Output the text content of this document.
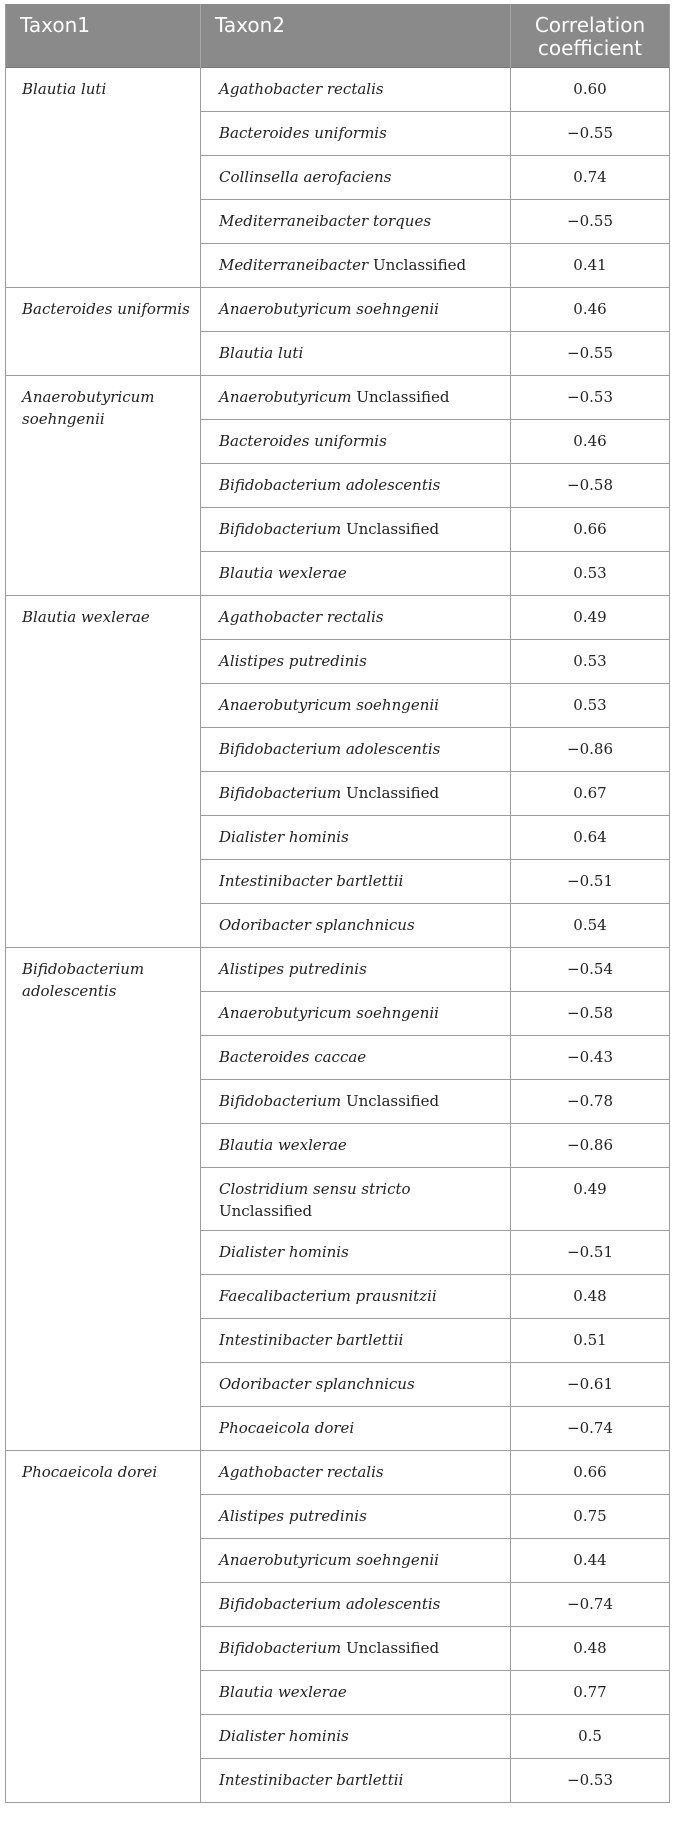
Taxon1	Taxon2	Correlation
coefficient
Blautia luti	Agathobacter rectalis	0.60
	Bacteroides uniformis	−0.55
	Collinsella aerofaciens	0.74
	Mediterraneibacter torques	−0.55
	Mediterraneibacter Unclassified	0.41
Bacteroides uniformis	Anaerobutyricum soehngenii	0.46
	Blautia luti	−0.55
Anaerobutyricum soehngenii	Anaerobutyricum Unclassified	−0.53
	Bacteroides uniformis	0.46
	Bifidobacterium adolescentis	−0.58
	Bifidobacterium Unclassified	0.66
	Blautia wexlerae	0.53
Blautia wexlerae	Agathobacter rectalis	0.49
	Alistipes putredinis	0.53
	Anaerobutyricum soehngenii	0.53
	Bifidobacterium adolescentis	−0.86
	Bifidobacterium Unclassified	0.67
	Dialister hominis	0.64
	Intestinibacter bartlettii	−0.51
	Odoribacter splanchnicus	0.54
Bifidobacterium adolescentis	Alistipes putredinis	−0.54
	Anaerobutyricum soehngenii	−0.58
	Bacteroides caccae	−0.43
	Bifidobacterium Unclassified	−0.78
	Blautia wexlerae	−0.86
	Clostridium sensu stricto
Unclassified	0.49
	Dialister hominis	−0.51
	Faecalibacterium prausnitzii	0.48
	Intestinibacter bartlettii	0.51
	Odoribacter splanchnicus	−0.61
	Phocaeicola dorei	−0.74
Phocaeicola dorei	Agathobacter rectalis	0.66
	Alistipes putredinis	0.75
	Anaerobutyricum soehngenii	0.44
	Bifidobacterium adolescentis	−0.74
	Bifidobacterium Unclassified	0.48
	Blautia wexlerae	0.77
	Dialister hominis	0.5
	Intestinibacter bartlettii	−0.53
